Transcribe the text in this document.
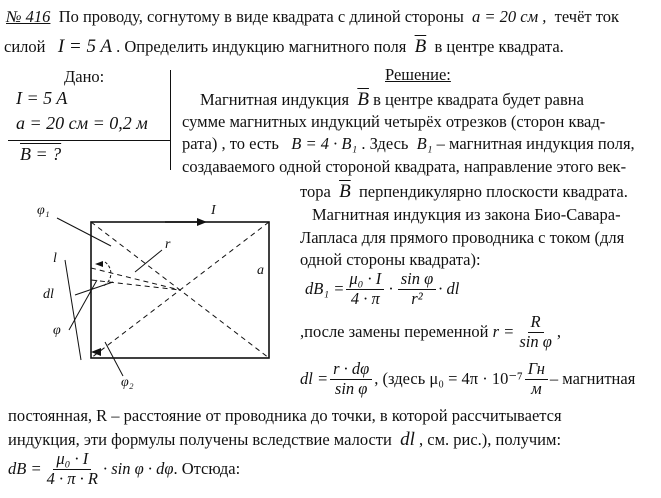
№ 416 По проводу, согнутому в виде квадрата с длиной стороны a = 20 см , течёт ток
силой I = 5 A . Определить индукцию магнитного поля $\overline{B}$ в центре квадрата.
Дано:
I = 5 A
a = 20 см = 0,2 м
B = ?
Решение:
Магнитная индукция $\overline{B}$ в центре квадрата будет равна
сумме магнитных индукций четырёх отрезков (сторон квад-
рата) , то есть B = 4 · B₁ . Здесь B₁ – магнитная индукция поля,
создаваемого одной стороной квадрата, направление этого век-
тора $\overline{B}$ перпендикулярно плоскости квадрата.
Магнитная индукция из закона Био-Савара-
Лапласа для прямого проводника с током (для
одной стороны квадрата):
$dB_1 = \frac{\text{μ₀ · I}}{4 \cdot \pi} \cdot \frac{\text{sin φ}}{\text{r²}}$ · dl
,после замены переменной
$r = \frac{R}{\text{sin φ}}$ ,
dl = $\frac{r \cdot d\varphi}{\text{sin φ}}$ , (здесь $\mu_0 = 4\pi \cdot 10^{-7} \frac{Гн}{м}$ – магнитная
постоянная, R – расстояние от проводника до точки, в которой рассчитывается
индукция, эти формулы получены вследствие малости dl , см. рис.), получим:
dB = $\frac{\text{μ₀ · I}}{4 \cdot \pi \cdot R} \cdot \sin \varphi \cdot d\varphi$ . Отсюда:
φ₁	I
r
l
a
dl
φ
φ₂
